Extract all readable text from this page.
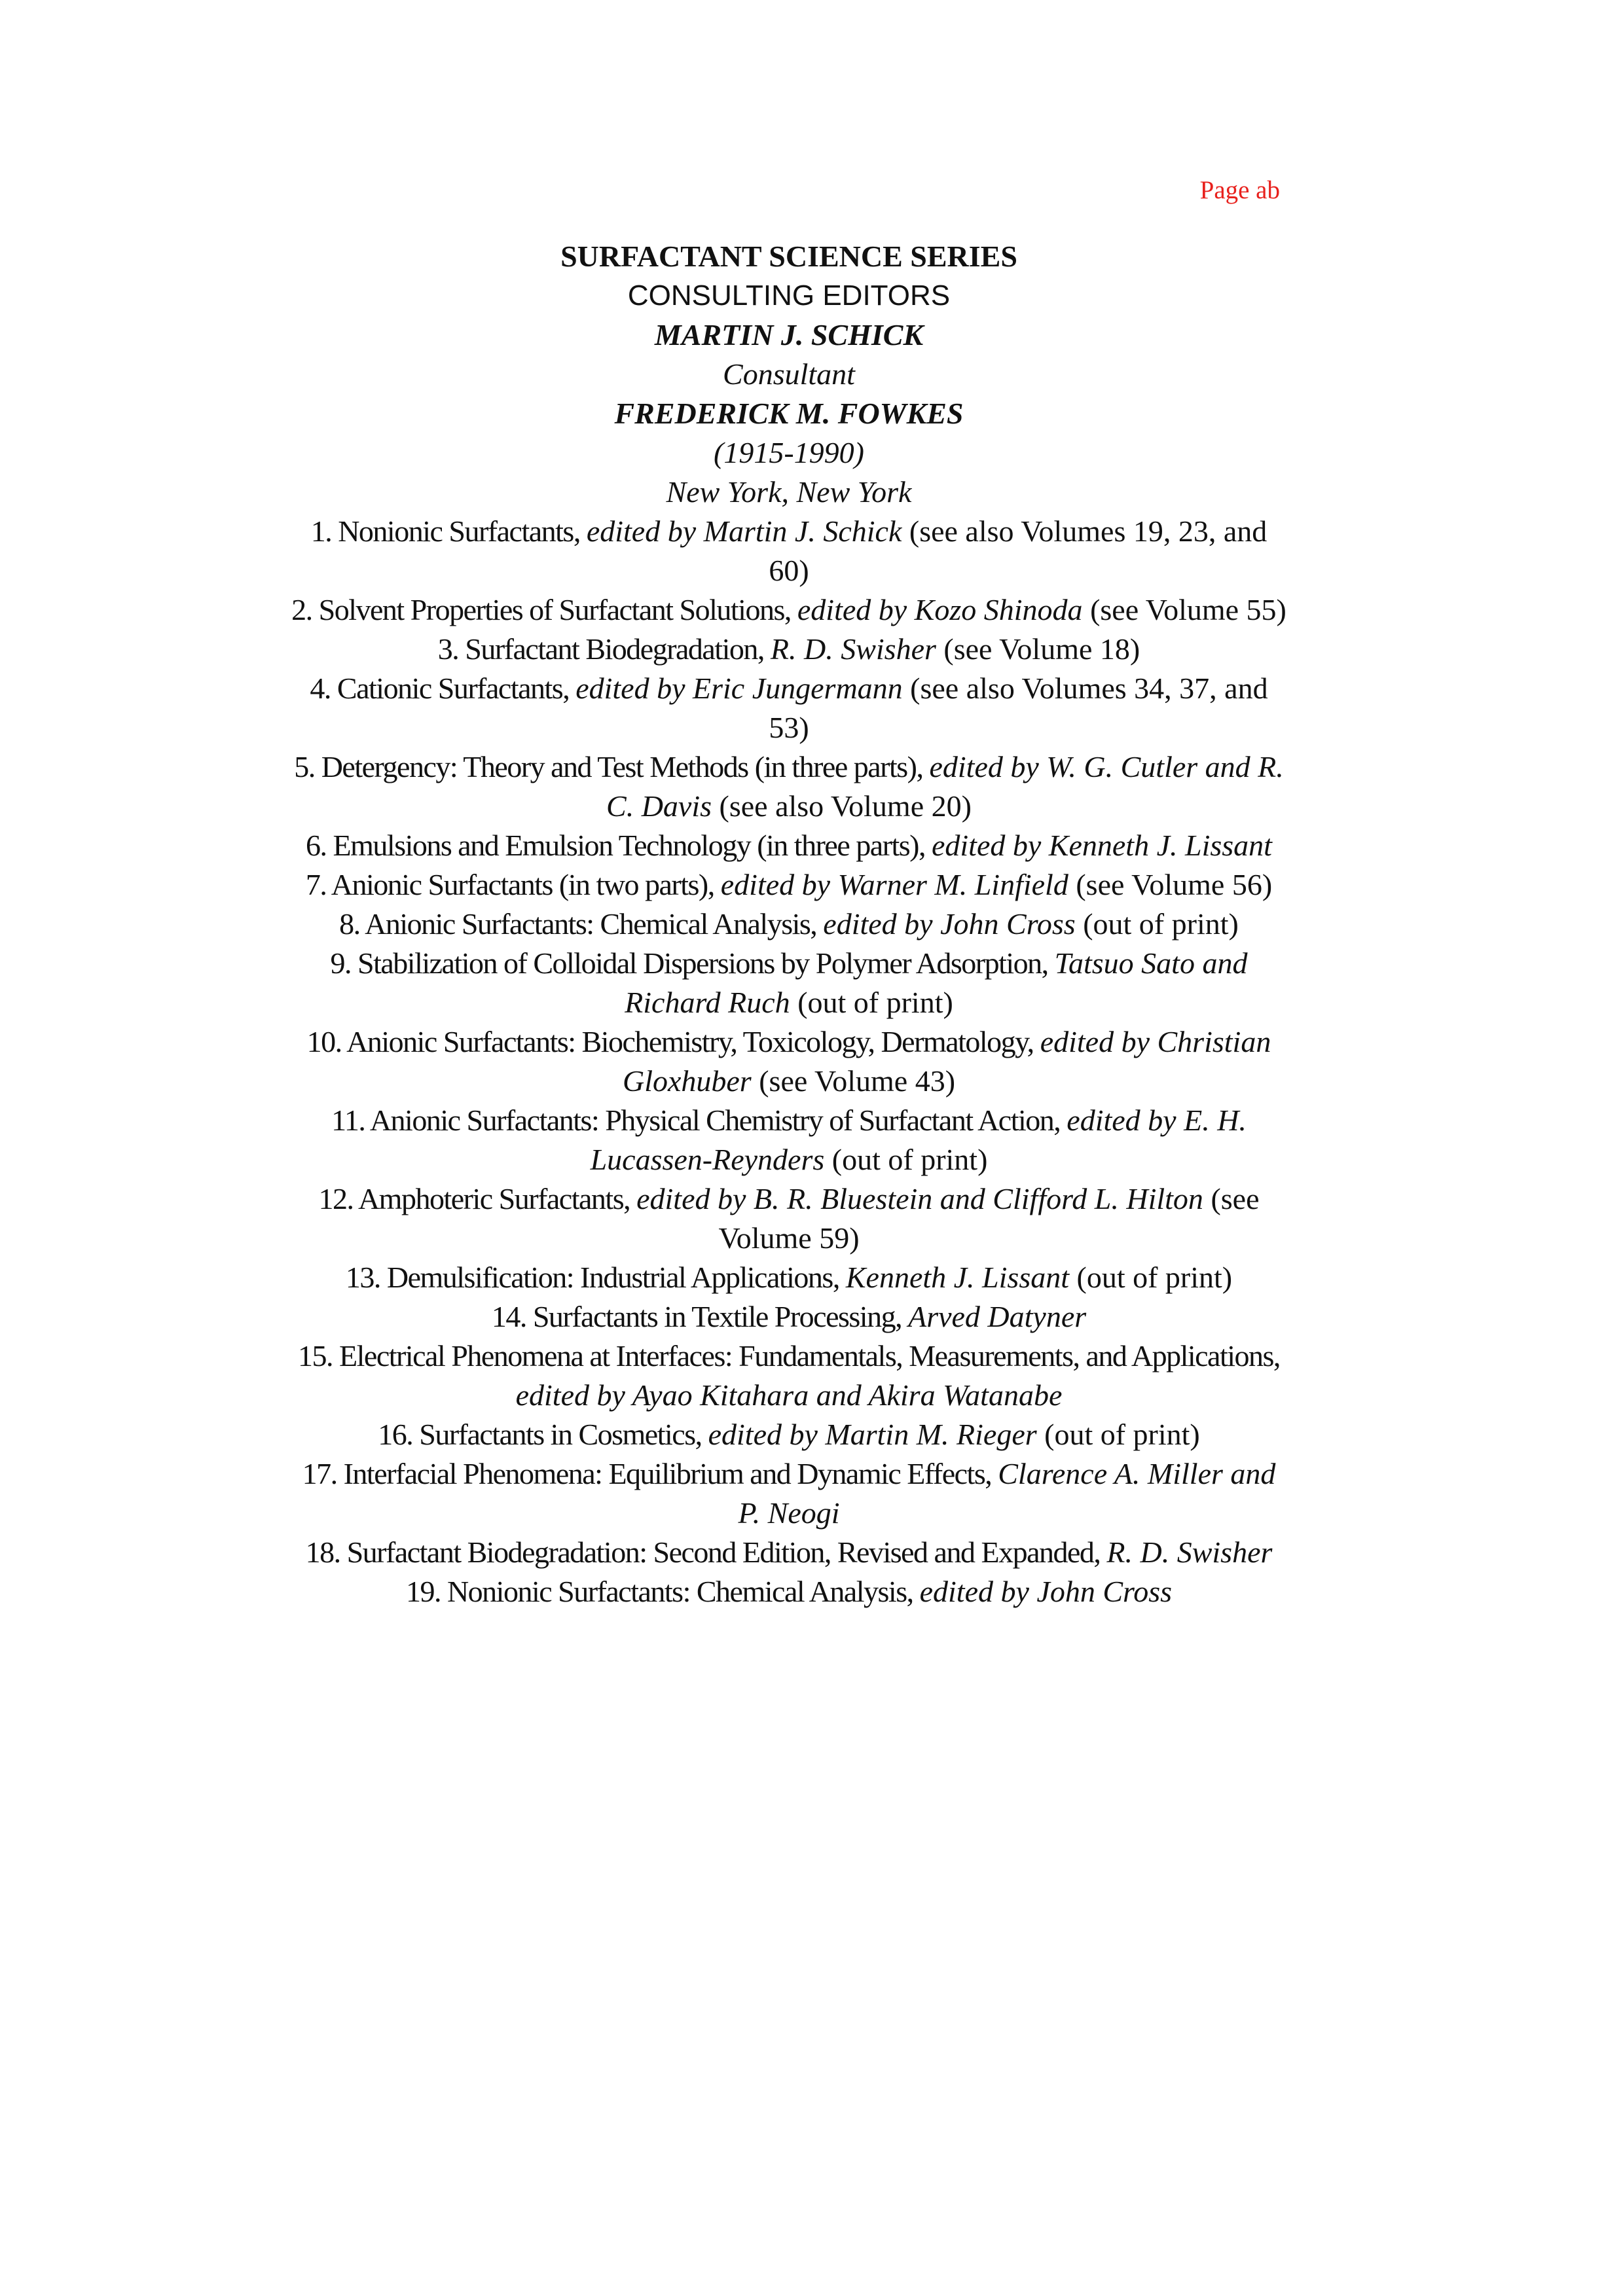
Page ab
SURFACTANT SCIENCE SERIES
CONSULTING EDITORS
MARTIN J. SCHICK
Consultant
FREDERICK M. FOWKES
(1915-1990)
New York, New York
1. Nonionic Surfactants, edited by Martin J. Schick (see also Volumes 19, 23, and 60)
2. Solvent Properties of Surfactant Solutions, edited by Kozo Shinoda (see Volume 55)
3. Surfactant Biodegradation, R. D. Swisher (see Volume 18)
4. Cationic Surfactants, edited by Eric Jungermann (see also Volumes 34, 37, and 53)
5. Detergency: Theory and Test Methods (in three parts), edited by W. G. Cutler and R. C. Davis (see also Volume 20)
6. Emulsions and Emulsion Technology (in three parts), edited by Kenneth J. Lissant
7. Anionic Surfactants (in two parts), edited by Warner M. Linfield (see Volume 56)
8. Anionic Surfactants: Chemical Analysis, edited by John Cross (out of print)
9. Stabilization of Colloidal Dispersions by Polymer Adsorption, Tatsuo Sato and Richard Ruch (out of print)
10. Anionic Surfactants: Biochemistry, Toxicology, Dermatology, edited by Christian Gloxhuber (see Volume 43)
11. Anionic Surfactants: Physical Chemistry of Surfactant Action, edited by E. H. Lucassen-Reynders (out of print)
12. Amphoteric Surfactants, edited by B. R. Bluestein and Clifford L. Hilton (see Volume 59)
13. Demulsification: Industrial Applications, Kenneth J. Lissant (out of print)
14. Surfactants in Textile Processing, Arved Datyner
15. Electrical Phenomena at Interfaces: Fundamentals, Measurements, and Applications, edited by Ayao Kitahara and Akira Watanabe
16. Surfactants in Cosmetics, edited by Martin M. Rieger (out of print)
17. Interfacial Phenomena: Equilibrium and Dynamic Effects, Clarence A. Miller and P. Neogi
18. Surfactant Biodegradation: Second Edition, Revised and Expanded, R. D. Swisher
19. Nonionic Surfactants: Chemical Analysis, edited by John Cross
